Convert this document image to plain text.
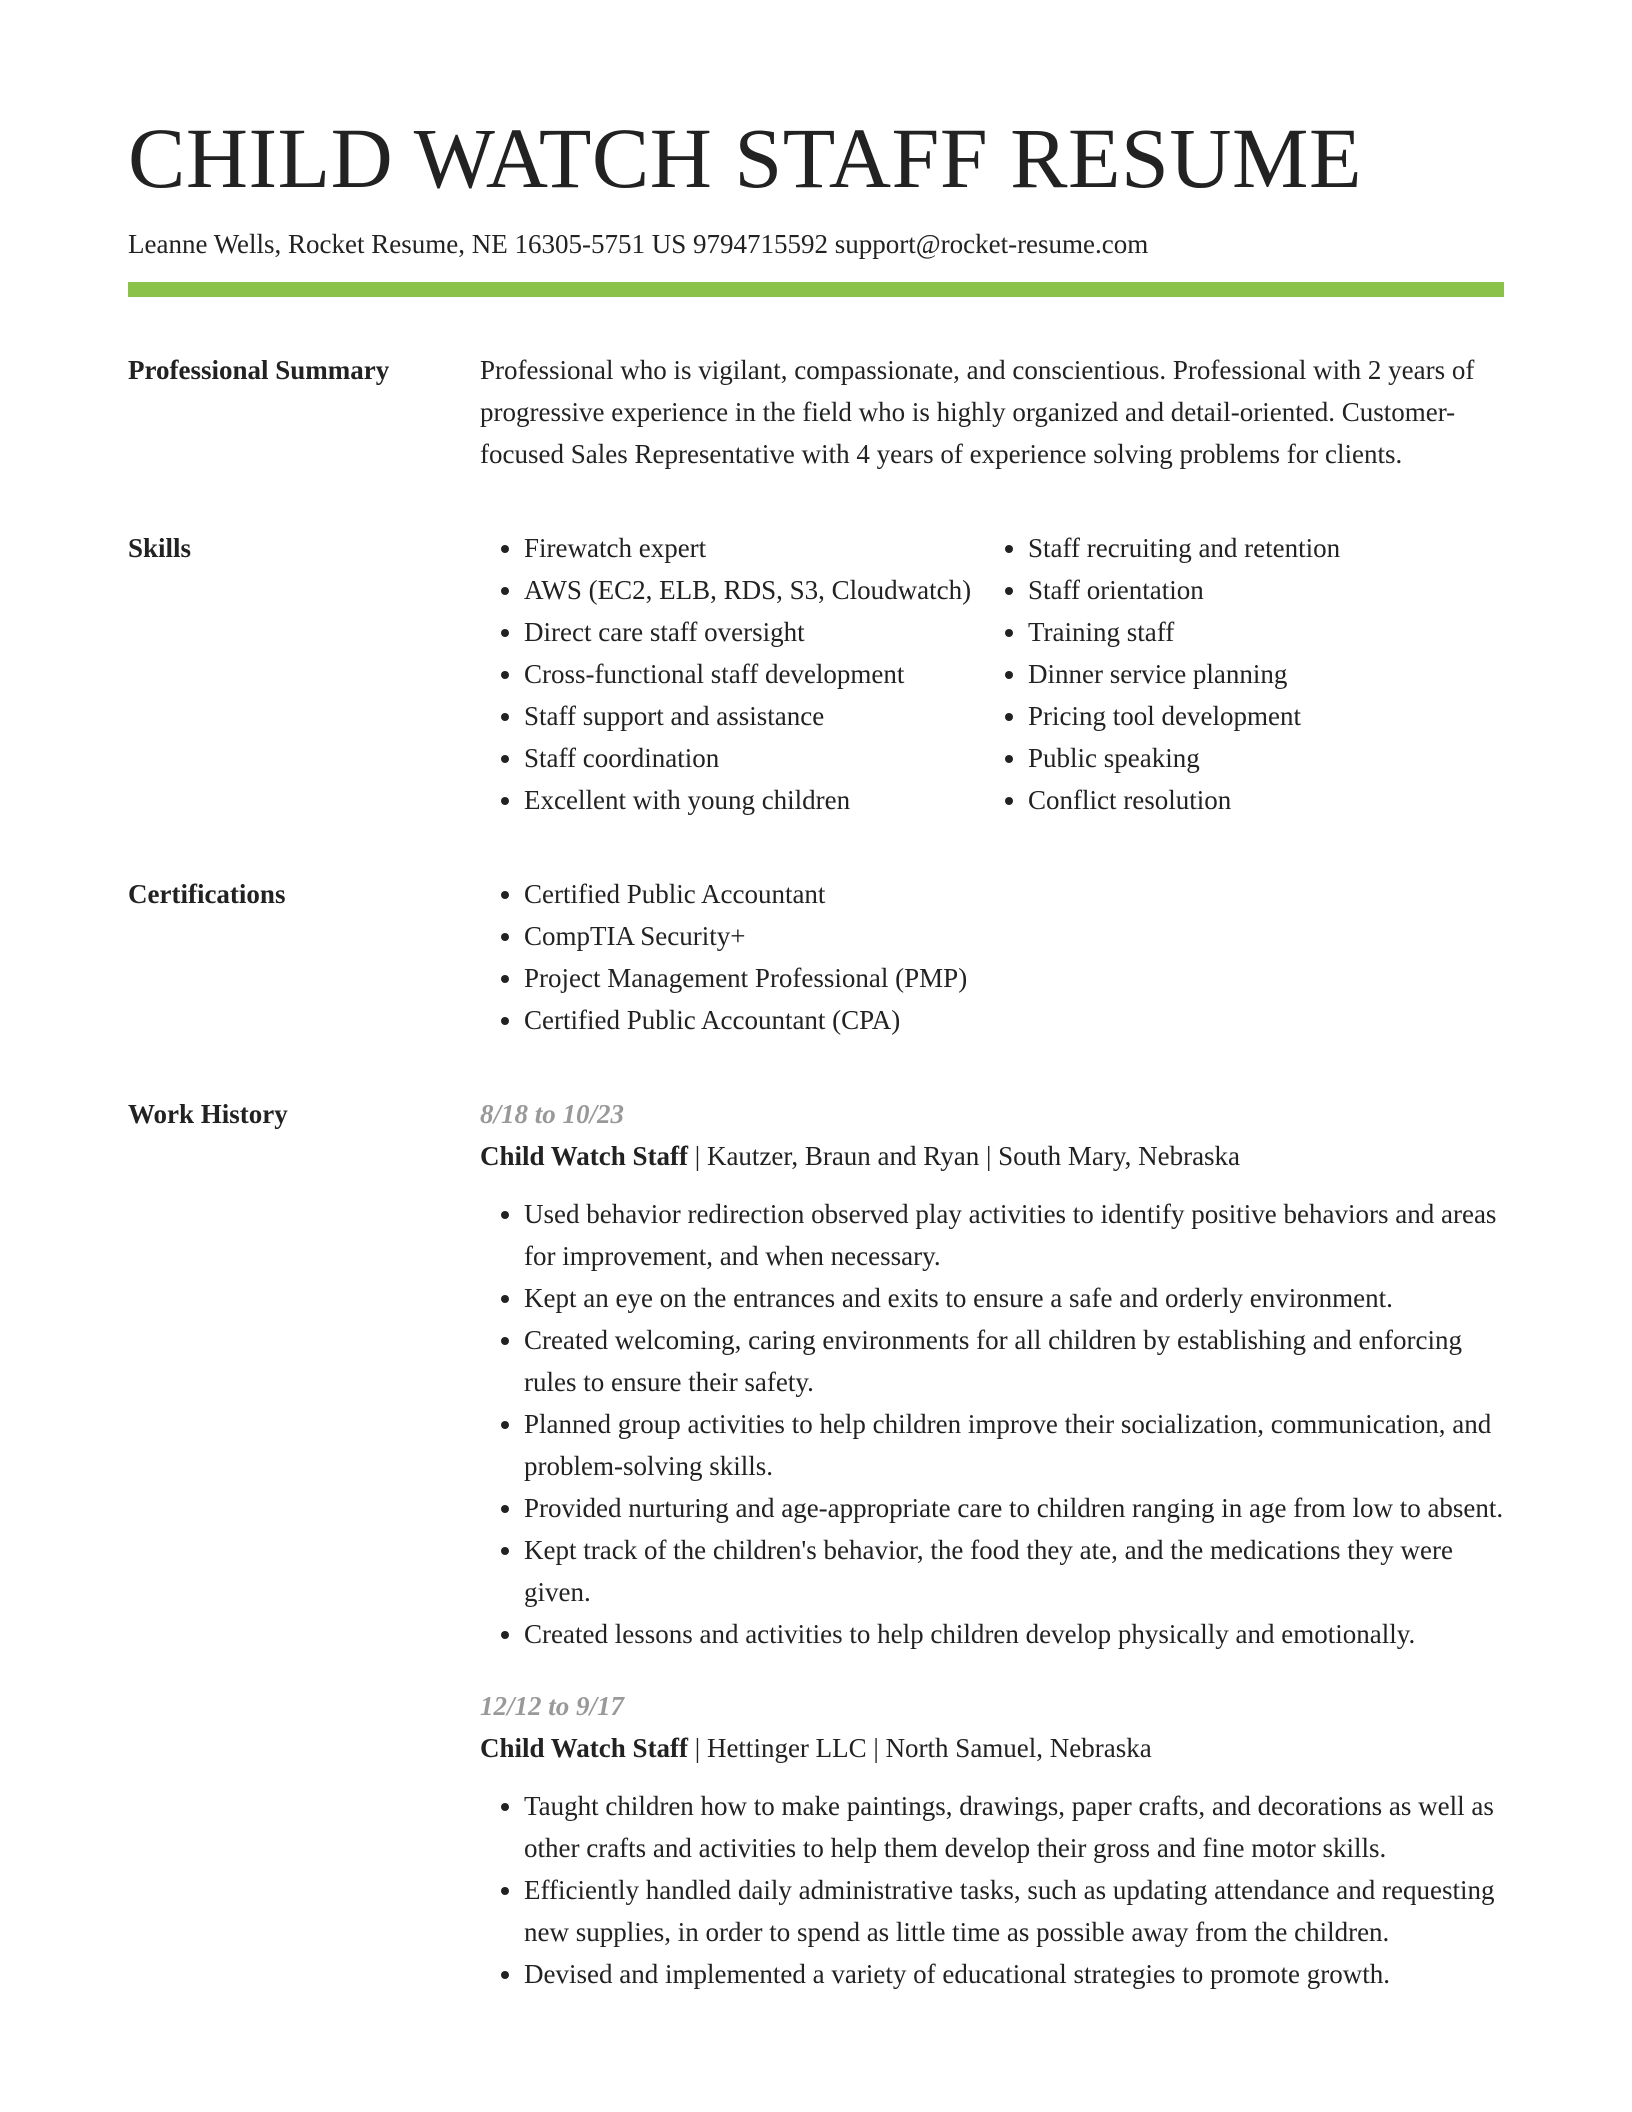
CHILD WATCH STAFF RESUME
Leanne Wells, Rocket Resume, NE 16305-5751 US 9794715592 support@rocket-resume.com
Professional Summary	Professional who is vigilant, compassionate, and conscientious. Professional with 2 years of progressive experience in the field who is highly organized and detail-oriented. Customer-focused Sales Representative with 4 years of experience solving problems for clients.

Skills	• Firewatch expert
• AWS (EC2, ELB, RDS, S3, Cloudwatch)
• Direct care staff oversight
• Cross-functional staff development
• Staff support and assistance
• Staff coordination
• Excellent with young children
• Staff recruiting and retention
• Staff orientation
• Training staff
• Dinner service planning
• Pricing tool development
• Public speaking
• Conflict resolution
Certifications	• Certified Public Accountant
• CompTIA Security+
• Project Management Professional (PMP)
• Certified Public Accountant (CPA)
Work History	8/18 to 10/23
Child Watch Staff | Kautzer, Braun and Ryan | South Mary, Nebraska
• Used behavior redirection observed play activities to identify positive behaviors and areas for improvement, and when necessary.
• Kept an eye on the entrances and exits to ensure a safe and orderly environment.
• Created welcoming, caring environments for all children by establishing and enforcing rules to ensure their safety.
• Planned group activities to help children improve their socialization, communication, and problem-solving skills.
• Provided nurturing and age-appropriate care to children ranging in age from low to absent.
• Kept track of the children's behavior, the food they ate, and the medications they were given.
• Created lessons and activities to help children develop physically and emotionally.
12/12 to 9/17
Child Watch Staff | Hettinger LLC | North Samuel, Nebraska
• Taught children how to make paintings, drawings, paper crafts, and decorations as well as other crafts and activities to help them develop their gross and fine motor skills.
• Efficiently handled daily administrative tasks, such as updating attendance and requesting new supplies, in order to spend as little time as possible away from the children.
• Devised and implemented a variety of educational strategies to promote growth.
